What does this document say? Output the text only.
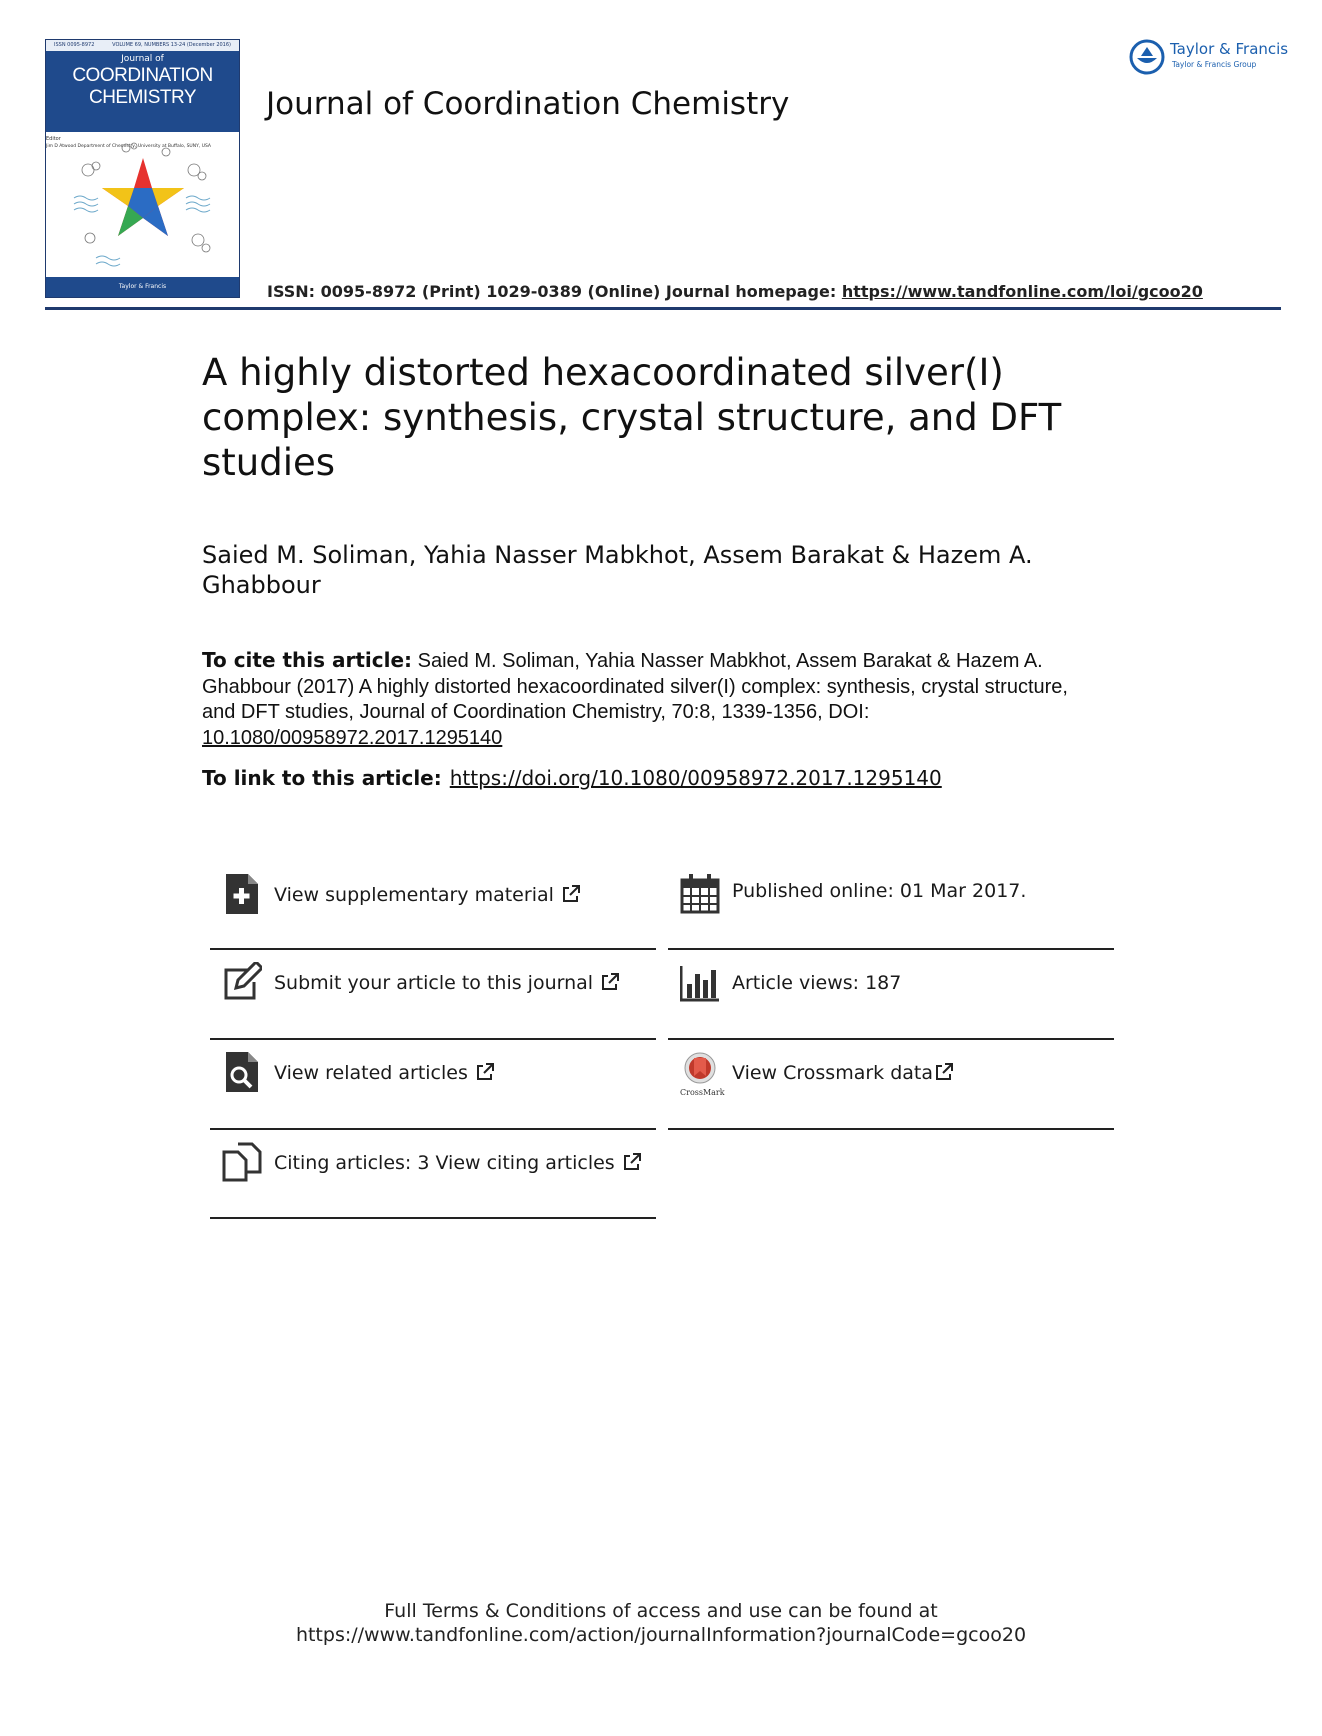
ISSN 0095-8972	VOLUME 69, NUMBERS 13-24 (December 2016)
Journal of
COORDINATION
CHEMISTRY
Editor
Jim D Atwood Department of Chemistry, University at Buffalo, SUNY, USA
Taylor & Francis
Journal of Coordination Chemistry
Taylor & Francis
Taylor & Francis Group
ISSN: 0095-8972 (Print) 1029-0389 (Online) Journal homepage: https://www.tandfonline.com/loi/gcoo20
A highly distorted hexacoordinated silver(I) complex: synthesis, crystal structure, and DFT studies
Saied M. Soliman, Yahia Nasser Mabkhot, Assem Barakat & Hazem A. Ghabbour
To cite this article: Saied M. Soliman, Yahia Nasser Mabkhot, Assem Barakat & Hazem A. Ghabbour (2017) A highly distorted hexacoordinated silver(I) complex: synthesis, crystal structure, and DFT studies, Journal of Coordination Chemistry, 70:8, 1339-1356, DOI: 10.1080/00958972.2017.1295140
To link to this article: https://doi.org/10.1080/00958972.2017.1295140
View supplementary material
Submit your article to this journal
View related articles
Citing articles: 3 View citing articles
Published online: 01 Mar 2017.
Article views: 187
CrossMark
View Crossmark data
Full Terms & Conditions of access and use can be found at
https://www.tandfonline.com/action/journalInformation?journalCode=gcoo20
